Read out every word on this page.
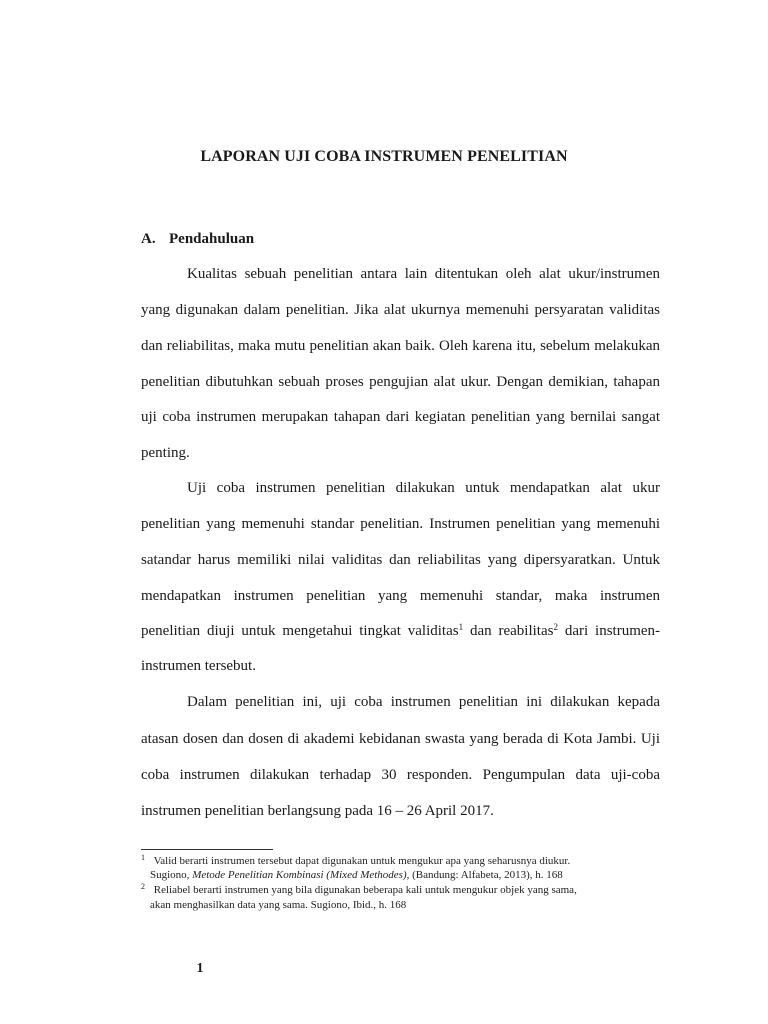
LAPORAN UJI COBA INSTRUMEN PENELITIAN
A. Pendahuluan
Kualitas sebuah penelitian antara lain ditentukan oleh alat ukur/instrumen
yang digunakan dalam penelitian. Jika alat ukurnya memenuhi persyaratan validitas
dan reliabilitas, maka mutu penelitian akan baik. Oleh karena itu, sebelum melakukan
penelitian dibutuhkan sebuah proses pengujian alat ukur. Dengan demikian, tahapan
uji coba instrumen merupakan tahapan dari kegiatan penelitian yang bernilai sangat
penting.
Uji coba instrumen penelitian dilakukan untuk mendapatkan alat ukur
penelitian yang memenuhi standar penelitian. Instrumen penelitian yang memenuhi
satandar harus memiliki nilai validitas dan reliabilitas yang dipersyaratkan. Untuk
mendapatkan instrumen penelitian yang memenuhi standar, maka instrumen
penelitian diuji untuk mengetahui tingkat validitas$^1$ dan reabilitas$^2$ dari instrumen-
instrumen tersebut.
Dalam penelitian ini, uji coba instrumen penelitian ini dilakukan kepada
atasan dosen dan dosen di akademi kebidanan swasta yang berada di Kota Jambi. Uji
coba instrumen dilakukan terhadap 30 responden. Pengumpulan data uji-coba
instrumen penelitian berlangsung pada 16 – 26 April 2017.
$^1$ Valid berarti instrumen tersebut dapat digunakan untuk mengukur apa yang seharusnya diukur.
Sugiono, Metode Penelitian Kombinasi (Mixed Methodes), (Bandung: Alfabeta, 2013), h. 168
$^2$ Reliabel berarti instrumen yang bila digunakan beberapa kali untuk mengukur objek yang sama,
akan menghasilkan data yang sama. Sugiono, Ibid., h. 168
1
